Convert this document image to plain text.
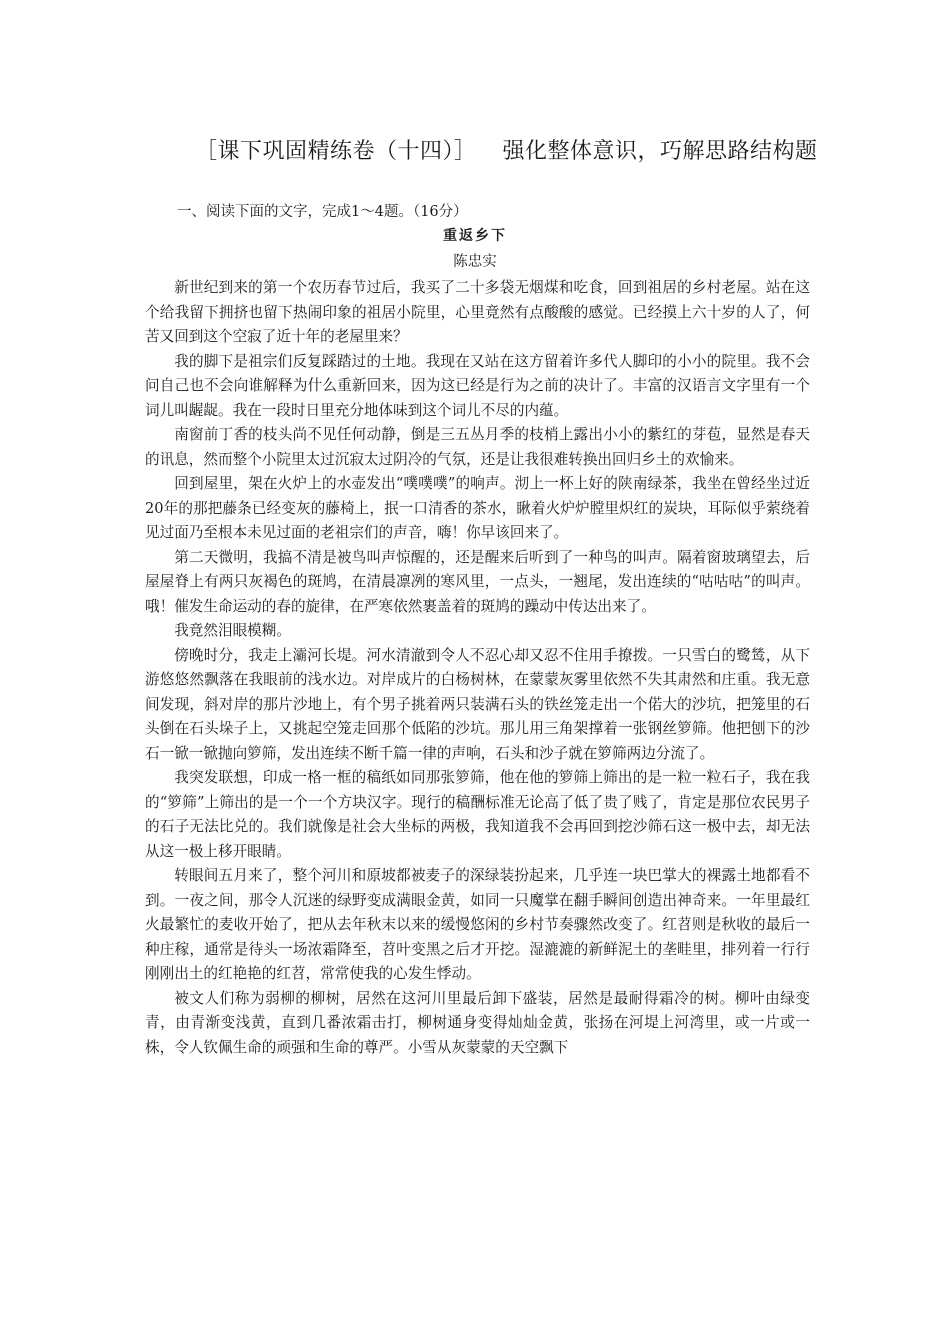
［课下巩固精练卷（十四）］ 强化整体意识，巧解思路结构题
一、阅读下面的文字，完成1～4题。（16分）
重返乡下
陈忠实

新世纪到来的第一个农历春节过后，我买了二十多袋无烟煤和吃食，回到祖居的乡村老屋。站在这个给我留下拥挤也留下热闹印象的祖居小院里，心里竟然有点酸酸的感觉。已经摸上六十岁的人了，何苦又回到这个空寂了近十年的老屋里来？

我的脚下是祖宗们反复踩踏过的土地。我现在又站在这方留着许多代人脚印的小小的院里。我不会问自己也不会向谁解释为什么重新回来，因为这已经是行为之前的决计了。丰富的汉语言文字里有一个词儿叫龌龊。我在一段时日里充分地体味到这个词儿不尽的内蕴。

南窗前丁香的枝头尚不见任何动静，倒是三五丛月季的枝梢上露出小小的紫红的芽苞，显然是春天的讯息，然而整个小院里太过沉寂太过阴冷的气氛，还是让我很难转换出回归乡土的欢愉来。

回到屋里，架在火炉上的水壶发出“噗噗噗”的响声。沏上一杯上好的陕南绿茶，我坐在曾经坐过近20年的那把藤条已经变灰的藤椅上，抿一口清香的茶水，瞅着火炉炉膛里炽红的炭块，耳际似乎萦绕着见过面乃至根本未见过面的老祖宗们的声音，嗨！你早该回来了。

第二天微明，我搞不清是被鸟叫声惊醒的，还是醒来后听到了一种鸟的叫声。隔着窗玻璃望去，后屋屋脊上有两只灰褐色的斑鸠，在清晨凛冽的寒风里，一点头，一翘尾，发出连续的“咕咕咕”的叫声。哦！催发生命运动的春的旋律，在严寒依然裹盖着的斑鸠的躁动中传达出来了。

我竟然泪眼模糊。

傍晚时分，我走上灞河长堤。河水清澈到令人不忍心却又忍不住用手撩拨。一只雪白的鹭鸶，从下游悠悠然飘落在我眼前的浅水边。对岸成片的白杨树林，在蒙蒙灰雾里依然不失其肃然和庄重。我无意间发现，斜对岸的那片沙地上，有个男子挑着两只装满石头的铁丝笼走出一个偌大的沙坑，把笼里的石头倒在石头垛子上，又挑起空笼走回那个低陷的沙坑。那儿用三角架撑着一张钢丝箩筛。他把刨下的沙石一锨一锨抛向箩筛，发出连续不断千篇一律的声响，石头和沙子就在箩筛两边分流了。

我突发联想，印成一格一框的稿纸如同那张箩筛，他在他的箩筛上筛出的是一粒一粒石子，我在我的“箩筛”上筛出的是一个一个方块汉字。现行的稿酬标准无论高了低了贵了贱了，肯定是那位农民男子的石子无法比兑的。我们就像是社会大坐标的两极，我知道我不会再回到挖沙筛石这一极中去，却无法从这一极上移开眼睛。

转眼间五月来了，整个河川和原坡都被麦子的深绿装扮起来，几乎连一块巴掌大的裸露土地都看不到。一夜之间，那令人沉迷的绿野变成满眼金黄，如同一只魔掌在翻手瞬间创造出神奇来。一年里最红火最繁忙的麦收开始了，把从去年秋末以来的缓慢悠闲的乡村节奏骤然改变了。红苕则是秋收的最后一种庄稼，通常是待头一场浓霜降至，苕叶变黑之后才开挖。湿漉漉的新鲜泥土的垄畦里，排列着一行行刚刚出土的红艳艳的红苕，常常使我的心发生悸动。

被文人们称为弱柳的柳树，居然在这河川里最后卸下盛装，居然是最耐得霜冷的树。柳叶由绿变青，由青渐变浅黄，直到几番浓霜击打，柳树通身变得灿灿金黄，张扬在河堤上河湾里，或一片或一株，令人钦佩生命的顽强和生命的尊严。小雪从灰蒙蒙的天空飘下
